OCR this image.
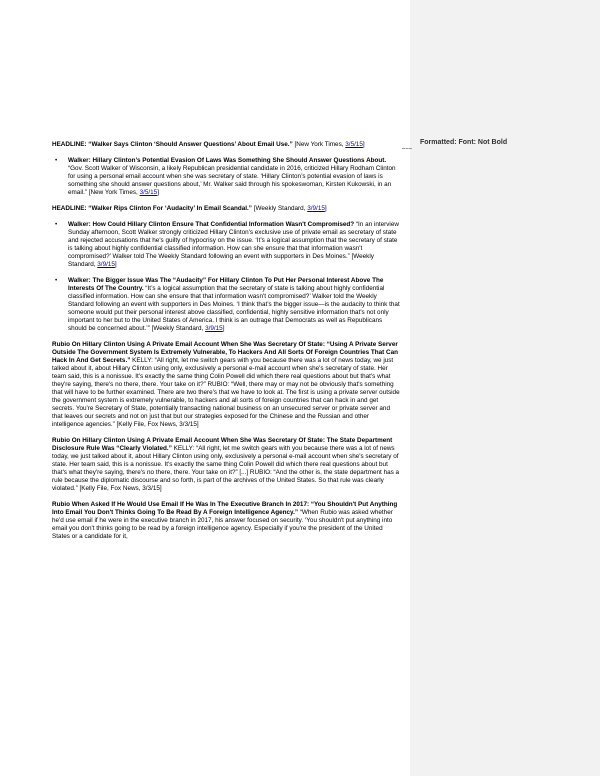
Formatted: Font: Not Bold
HEADLINE: “Walker Says Clinton ‘Should Answer Questions’ About Email Use.” [New York Times, 3/5/15]
• Walker: Hillary Clinton’s Potential Evasion Of Laws Was Something She Should Answer Questions About. “Gov. Scott Walker of Wisconsin, a likely Republican presidential candidate in 2016, criticized Hillary Rodham Clinton for using a personal email account when she was secretary of state. ‘Hillary Clinton’s potential evasion of laws is something she should answer questions about,’ Mr. Walker said through his spokeswoman, Kirsten Kukowski, in an email.” [New York Times, 3/5/15]
HEADLINE: “Walker Rips Clinton For ‘Audacity’ In Email Scandal.” [Weekly Standard, 3/9/15]
• Walker: How Could Hillary Clinton Ensure That Confidential Information Wasn't Compromised? “In an interview Sunday afternoon, Scott Walker strongly criticized Hillary Clinton's exclusive use of private email as secretary of state and rejected accusations that he's guilty of hypocrisy on the issue. ‘It’s a logical assumption that the secretary of state is talking about highly confidential classified information. How can she ensure that that information wasn't compromised?’ Walker told The Weekly Standard following an event with supporters in Des Moines.” [Weekly Standard, 3/9/15]
• Walker: The Bigger Issue Was The “Audacity” For Hillary Clinton To Put Her Personal Interest Above The Interests Of The Country. “It’s a logical assumption that the secretary of state is talking about highly confidential classified information. How can she ensure that that information wasn't compromised?’ Walker told the Weekly Standard following an event with supporters in Des Moines. ‘I think that’s the bigger issue—is the audacity to think that someone would put their personal interest above classified, confidential, highly sensitive information that's not only important to her but to the United States of America. I think is an outrage that Democrats as well as Republicans should be concerned about.’” [Weekly Standard, 3/9/15]
Rubio On Hillary Clinton Using A Private Email Account When She Was Secretary Of State: “Using A Private Server Outside The Government System Is Extremely Vulnerable, To Hackers And All Sorts Of Foreign Countries That Can Hack In And Get Secrets.” KELLY: “All right, let me switch gears with you because there was a lot of news today, we just talked about it, about Hillary Clinton using only, exclusively a personal e-mail account when she's secretary of state. Her team said, this is a nonissue. It's exactly the same thing Colin Powell did which there real questions about but that's what they're saying, there's no there, there. Your take on it?” RUBIO: “Well, there may or may not be obviously that's something that will have to be further examined. There are two there's that we have to look at. The first is using a private server outside the government system is extremely vulnerable, to hackers and all sorts of foreign countries that can hack in and get secrets. You're Secretary of State, potentially transacting national business on an unsecured server or private server and that leaves our secrets and not on just that but our strategies exposed for the Chinese and the Russian and other intelligence agencies.” [Kelly File, Fox News, 3/3/15]
Rubio On Hillary Clinton Using A Private Email Account When She Was Secretary Of State: The State Department Disclosure Rule Was “Clearly Violated.” KELLY: “All right, let me switch gears with you because there was a lot of news today, we just talked about it, about Hillary Clinton using only, exclusively a personal e-mail account when she's secretary of state. Her team said, this is a nonissue. It's exactly the same thing Colin Powell did which there real questions about but that's what they're saying, there's no there, there. Your take on it?” [...] RUBIO: “And the other is, the state department has a rule because the diplomatic discourse and so forth, is part of the archives of the United States. So that rule was clearly violated.” [Kelly File, Fox News, 3/3/15]
Rubio When Asked If He Would Use Email If He Was In The Executive Branch In 2017: “You Shouldn't Put Anything Into Email You Don't Thinks Going To Be Read By A Foreign Intelligence Agency.” “When Rubio was asked whether he'd use email if he were in the executive branch in 2017, his answer focused on security. ‘You shouldn't put anything into email you don't thinks going to be read by a foreign intelligence agency. Especially if you're the president of the United States or a candidate for it,
